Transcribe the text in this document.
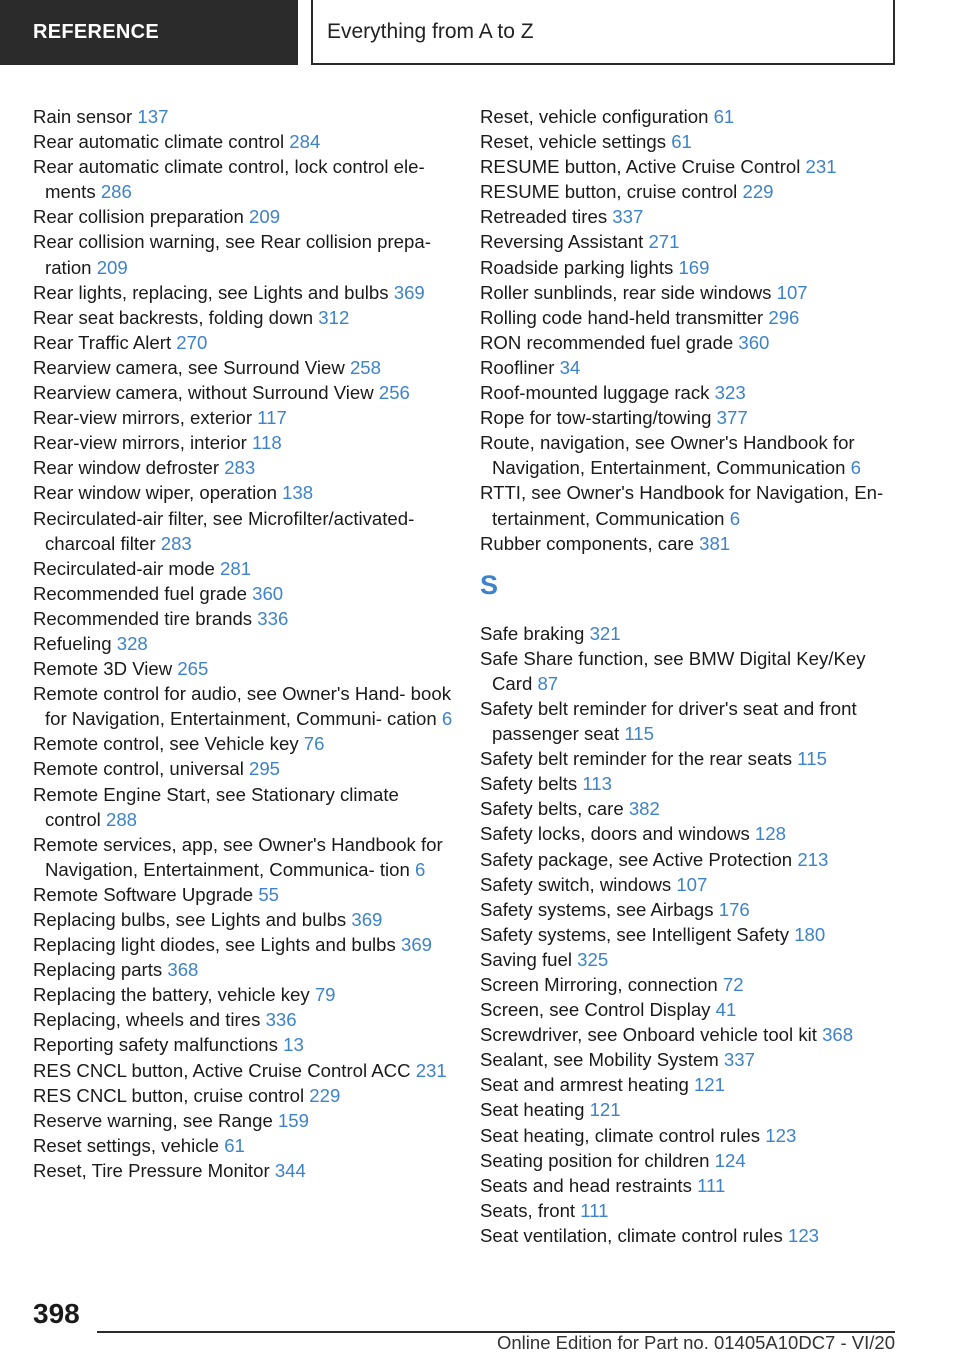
REFERENCE	Everything from A to Z
Rain sensor 137
Rear automatic climate control 284
Rear automatic climate control, lock control ele‐ ments 286
Rear collision preparation 209
Rear collision warning, see Rear collision prepa‐ ration 209
Rear lights, replacing, see Lights and bulbs 369
Rear seat backrests, folding down 312
Rear Traffic Alert 270
Rearview camera, see Surround View 258
Rearview camera, without Surround View 256
Rear-view mirrors, exterior 117
Rear-view mirrors, interior 118
Rear window defroster 283
Rear window wiper, operation 138
Recirculated-air filter, see Microfilter/activated- charcoal filter 283
Recirculated-air mode 281
Recommended fuel grade 360
Recommended tire brands 336
Refueling 328
Remote 3D View 265
Remote control for audio, see Owner's Hand‐ book for Navigation, Entertainment, Communi‐ cation 6
Remote control, see Vehicle key 76
Remote control, universal 295
Remote Engine Start, see Stationary climate control 288
Remote services, app, see Owner's Handbook for Navigation, Entertainment, Communica‐ tion 6
Remote Software Upgrade 55
Replacing bulbs, see Lights and bulbs 369
Replacing light diodes, see Lights and bulbs 369
Replacing parts 368
Replacing the battery, vehicle key 79
Replacing, wheels and tires 336
Reporting safety malfunctions 13
RES CNCL button, Active Cruise Control ACC 231
RES CNCL button, cruise control 229
Reserve warning, see Range 159
Reset settings, vehicle 61
Reset, Tire Pressure Monitor 344
Reset, vehicle configuration 61
Reset, vehicle settings 61
RESUME button, Active Cruise Control 231
RESUME button, cruise control 229
Retreaded tires 337
Reversing Assistant 271
Roadside parking lights 169
Roller sunblinds, rear side windows 107
Rolling code hand-held transmitter 296
RON recommended fuel grade 360
Roofliner 34
Roof-mounted luggage rack 323
Rope for tow-starting/towing 377
Route, navigation, see Owner's Handbook for Navigation, Entertainment, Communication 6
RTTI, see Owner's Handbook for Navigation, En‐ tertainment, Communication 6
Rubber components, care 381
S
Safe braking 321
Safe Share function, see BMW Digital Key/Key Card 87
Safety belt reminder for driver's seat and front passenger seat 115
Safety belt reminder for the rear seats 115
Safety belts 113
Safety belts, care 382
Safety locks, doors and windows 128
Safety package, see Active Protection 213
Safety switch, windows 107
Safety systems, see Airbags 176
Safety systems, see Intelligent Safety 180
Saving fuel 325
Screen Mirroring, connection 72
Screen, see Control Display 41
Screwdriver, see Onboard vehicle tool kit 368
Sealant, see Mobility System 337
Seat and armrest heating 121
Seat heating 121
Seat heating, climate control rules 123
Seating position for children 124
Seats and head restraints 111
Seats, front 111
Seat ventilation, climate control rules 123
398
Online Edition for Part no. 01405A10DC7 - VI/20
